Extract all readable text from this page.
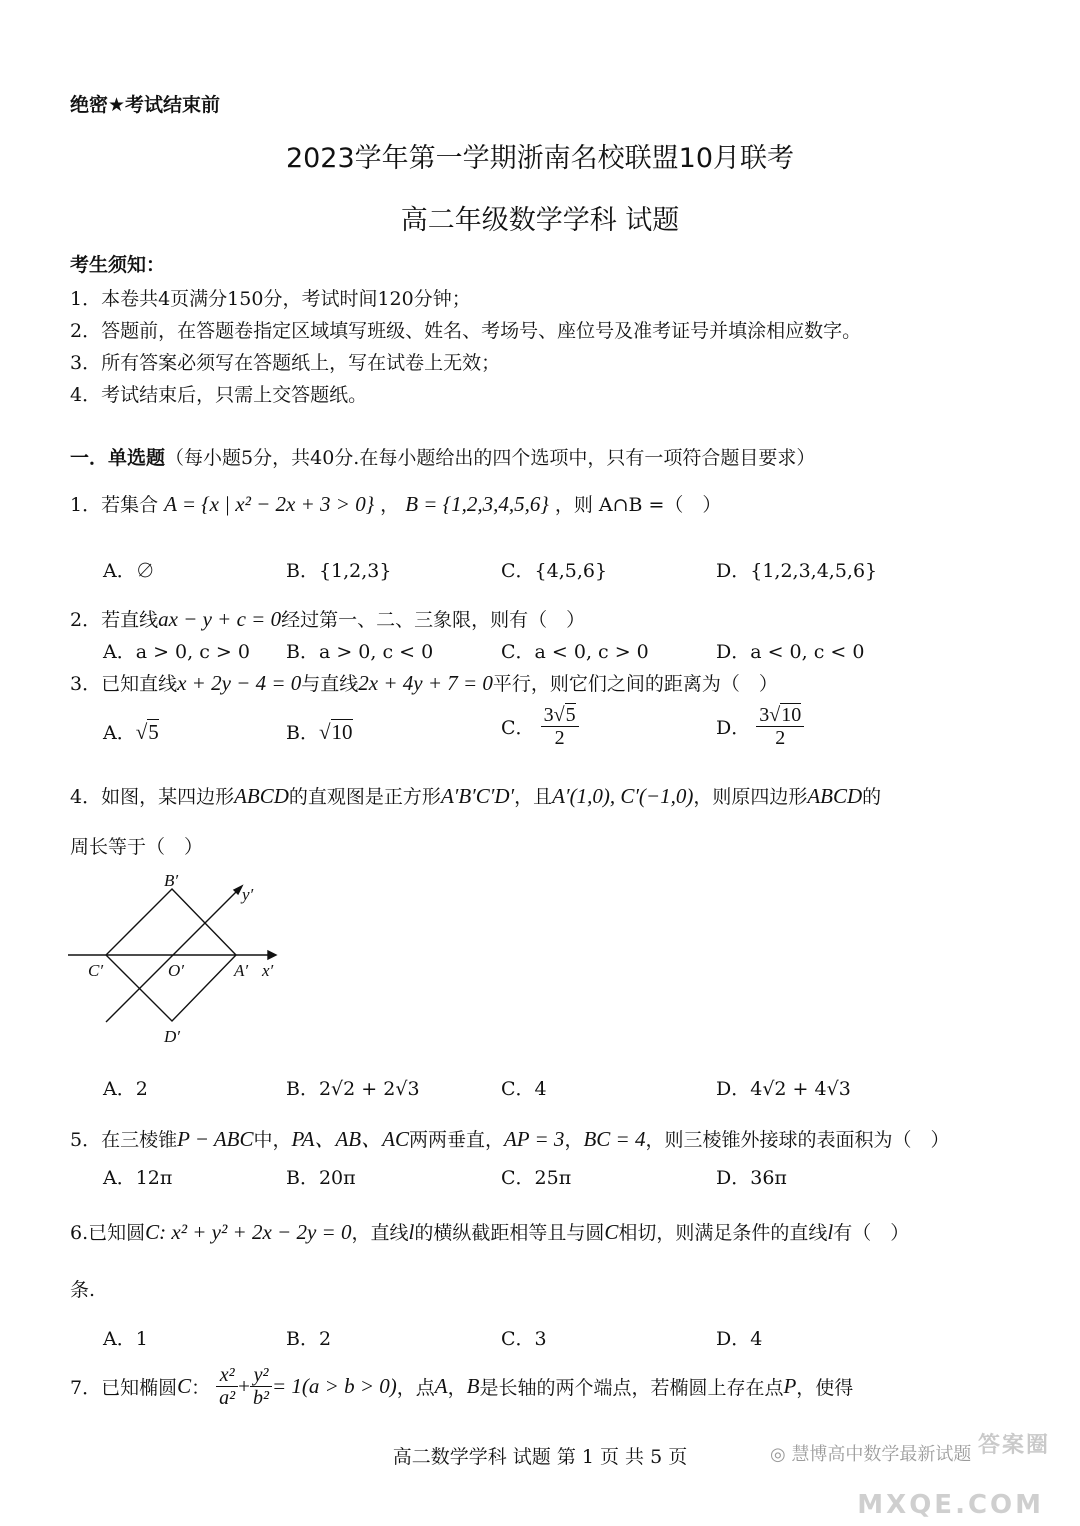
绝密★考试结束前
2023学年第一学期浙南名校联盟10月联考
高二年级数学学科 试题
考生须知：
1．本卷共4页满分150分，考试时间120分钟；
2．答题前，在答题卷指定区域填写班级、姓名、考场号、座位号及准考证号并填涂相应数字。
3．所有答案必须写在答题纸上，写在试卷上无效；
4．考试结束后，只需上交答题纸。
一．单选题（每小题5分，共40分.在每小题给出的四个选项中，只有一项符合题目要求）
1．若集合 A = {x | x² − 2x + 3 > 0} ， B = {1,2,3,4,5,6} ，则 A∩B =（　）
A．∅	B．{1,2,3}	C．{4,5,6}	D．{1,2,3,4,5,6}
2．若直线ax − y + c = 0经过第一、二、三象限，则有（　）
A．a > 0, c > 0 B．a > 0, c < 0	C．a < 0, c > 0	D．a < 0, c < 0
3．已知直线x + 2y − 4 = 0与直线2x + 4y + 7 = 0平行，则它们之间的距离为（　）
A．√5	B．√10	C． $\frac{3√5}{2}$	D． $\frac{3√10}{2}$
4．如图，某四边形ABCD的直观图是正方形A′B′C′D′，且A′(1,0), C′(−1,0)，则原四边形ABCD的
周长等于（　）
B′
y′
C′	O′	A′ x′
D′
A．2	B．2√2 + 2√3	C．4	D．4√2 + 4√3
5．在三棱锥P − ABC中，PA、AB、AC两两垂直，AP = 3，BC = 4，则三棱锥外接球的表面积为（　）
A．12π	B．20π	C．25π	D．36π
6.已知圆C: x² + y² + 2x − 2y = 0，直线l的横纵截距相等且与圆C相切，则满足条件的直线l有（　）
条.
A．1	B．2	C．3	D．4
7．已知椭圆C： $\frac{\text{x²}}{\text{a²}} + \frac{\text{y²}}{\text{b²}} = 1(a > b > 0)$，点A，B是长轴的两个端点，若椭圆上存在点P，使得
高二数学学科 试题 第 1 页 共 5 页	◎ 慧博高中数学最新试题 答案圈
MXQE.COM
